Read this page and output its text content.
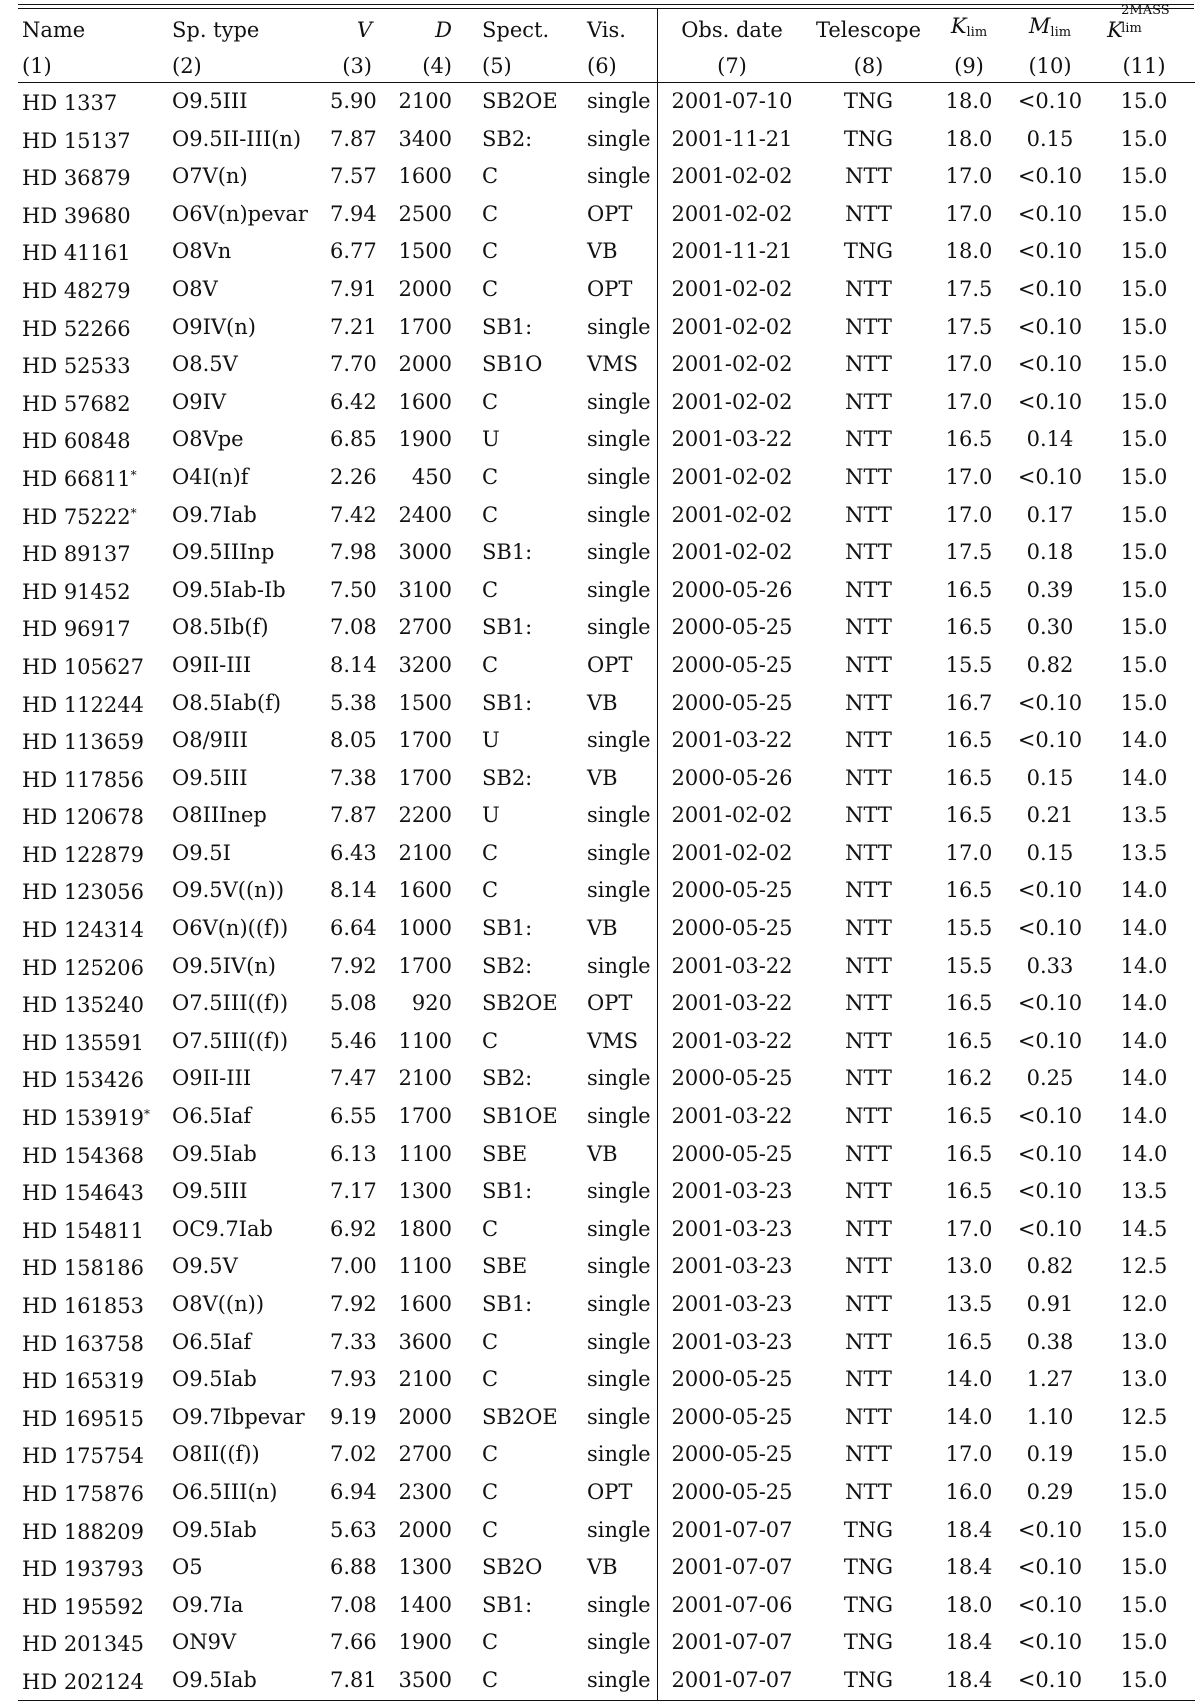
Name	Sp. type	V	D	Spect.	Vis.	Obs. date	Telescope	$K_{lim}$	$M_{lim}$	K
2MASS
lim

(1)	(2)	(3)	(4)	(5)	(6)	(7)	(8)	(9)	(10)	(11)
HD 1337	O9.5III	5.90	2100	SB2OE	single	2001-07-10	TNG	18.0	<0.10	15.0
HD 15137	O9.5II-III(n)	7.87	3400	SB2:	single	2001-11-21	TNG	18.0	0.15	15.0
HD 36879	O7V(n)	7.57	1600	C	single	2001-02-02	NTT	17.0	<0.10	15.0
HD 39680	O6V(n)pevar	7.94	2500	C	OPT	2001-02-02	NTT	17.0	<0.10	15.0
HD 41161	O8Vn	6.77	1500	C	VB	2001-11-21	TNG	18.0	<0.10	15.0
HD 48279	O8V	7.91	2000	C	OPT	2001-02-02	NTT	17.5	<0.10	15.0
HD 52266	O9IV(n)	7.21	1700	SB1:	single	2001-02-02	NTT	17.5	<0.10	15.0
HD 52533	O8.5V	7.70	2000	SB1O	VMS	2001-02-02	NTT	17.0	<0.10	15.0
HD 57682	O9IV	6.42	1600	C	single	2001-02-02	NTT	17.0	<0.10	15.0
HD 60848	O8Vpe	6.85	1900	U	single	2001-03-22	NTT	16.5	0.14	15.0
HD 66811*	O4I(n)f	2.26	450	C	single	2001-02-02	NTT	17.0	<0.10	15.0
HD 75222*	O9.7Iab	7.42	2400	C	single	2001-02-02	NTT	17.0	0.17	15.0
HD 89137	O9.5IIInp	7.98	3000	SB1:	single	2001-02-02	NTT	17.5	0.18	15.0
HD 91452	O9.5Iab-Ib	7.50	3100	C	single	2000-05-26	NTT	16.5	0.39	15.0
HD 96917	O8.5Ib(f)	7.08	2700	SB1:	single	2000-05-25	NTT	16.5	0.30	15.0
HD 105627	O9II-III	8.14	3200	C	OPT	2000-05-25	NTT	15.5	0.82	15.0
HD 112244	O8.5Iab(f)	5.38	1500	SB1:	VB	2000-05-25	NTT	16.7	<0.10	15.0
HD 113659	O8/9III	8.05	1700	U	single	2001-03-22	NTT	16.5	<0.10	14.0
HD 117856	O9.5III	7.38	1700	SB2:	VB	2000-05-26	NTT	16.5	0.15	14.0
HD 120678	O8IIInep	7.87	2200	U	single	2001-02-02	NTT	16.5	0.21	13.5
HD 122879	O9.5I	6.43	2100	C	single	2001-02-02	NTT	17.0	0.15	13.5
HD 123056	O9.5V((n))	8.14	1600	C	single	2000-05-25	NTT	16.5	<0.10	14.0
HD 124314	O6V(n)((f))	6.64	1000	SB1:	VB	2000-05-25	NTT	15.5	<0.10	14.0
HD 125206	O9.5IV(n)	7.92	1700	SB2:	single	2001-03-22	NTT	15.5	0.33	14.0
HD 135240	O7.5III((f))	5.08	920	SB2OE	OPT	2001-03-22	NTT	16.5	<0.10	14.0
HD 135591	O7.5III((f))	5.46	1100	C	VMS	2001-03-22	NTT	16.5	<0.10	14.0
HD 153426	O9II-III	7.47	2100	SB2:	single	2000-05-25	NTT	16.2	0.25	14.0
HD 153919*	O6.5Iaf	6.55	1700	SB1OE	single	2001-03-22	NTT	16.5	<0.10	14.0
HD 154368	O9.5Iab	6.13	1100	SBE	VB	2000-05-25	NTT	16.5	<0.10	14.0
HD 154643	O9.5III	7.17	1300	SB1:	single	2001-03-23	NTT	16.5	<0.10	13.5
HD 154811	OC9.7Iab	6.92	1800	C	single	2001-03-23	NTT	17.0	<0.10	14.5
HD 158186	O9.5V	7.00	1100	SBE	single	2001-03-23	NTT	13.0	0.82	12.5
HD 161853	O8V((n))	7.92	1600	SB1:	single	2001-03-23	NTT	13.5	0.91	12.0
HD 163758	O6.5Iaf	7.33	3600	C	single	2001-03-23	NTT	16.5	0.38	13.0
HD 165319	O9.5Iab	7.93	2100	C	single	2000-05-25	NTT	14.0	1.27	13.0
HD 169515	O9.7Ibpevar	9.19	2000	SB2OE	single	2000-05-25	NTT	14.0	1.10	12.5
HD 175754	O8II((f))	7.02	2700	C	single	2000-05-25	NTT	17.0	0.19	15.0
HD 175876	O6.5III(n)	6.94	2300	C	OPT	2000-05-25	NTT	16.0	0.29	15.0
HD 188209	O9.5Iab	5.63	2000	C	single	2001-07-07	TNG	18.4	<0.10	15.0
HD 193793	O5	6.88	1300	SB2O	VB	2001-07-07	TNG	18.4	<0.10	15.0
HD 195592	O9.7Ia	7.08	1400	SB1:	single	2001-07-06	TNG	18.0	<0.10	15.0
HD 201345	ON9V	7.66	1900	C	single	2001-07-07	TNG	18.4	<0.10	15.0
HD 202124	O9.5Iab	7.81	3500	C	single	2001-07-07	TNG	18.4	<0.10	15.0
